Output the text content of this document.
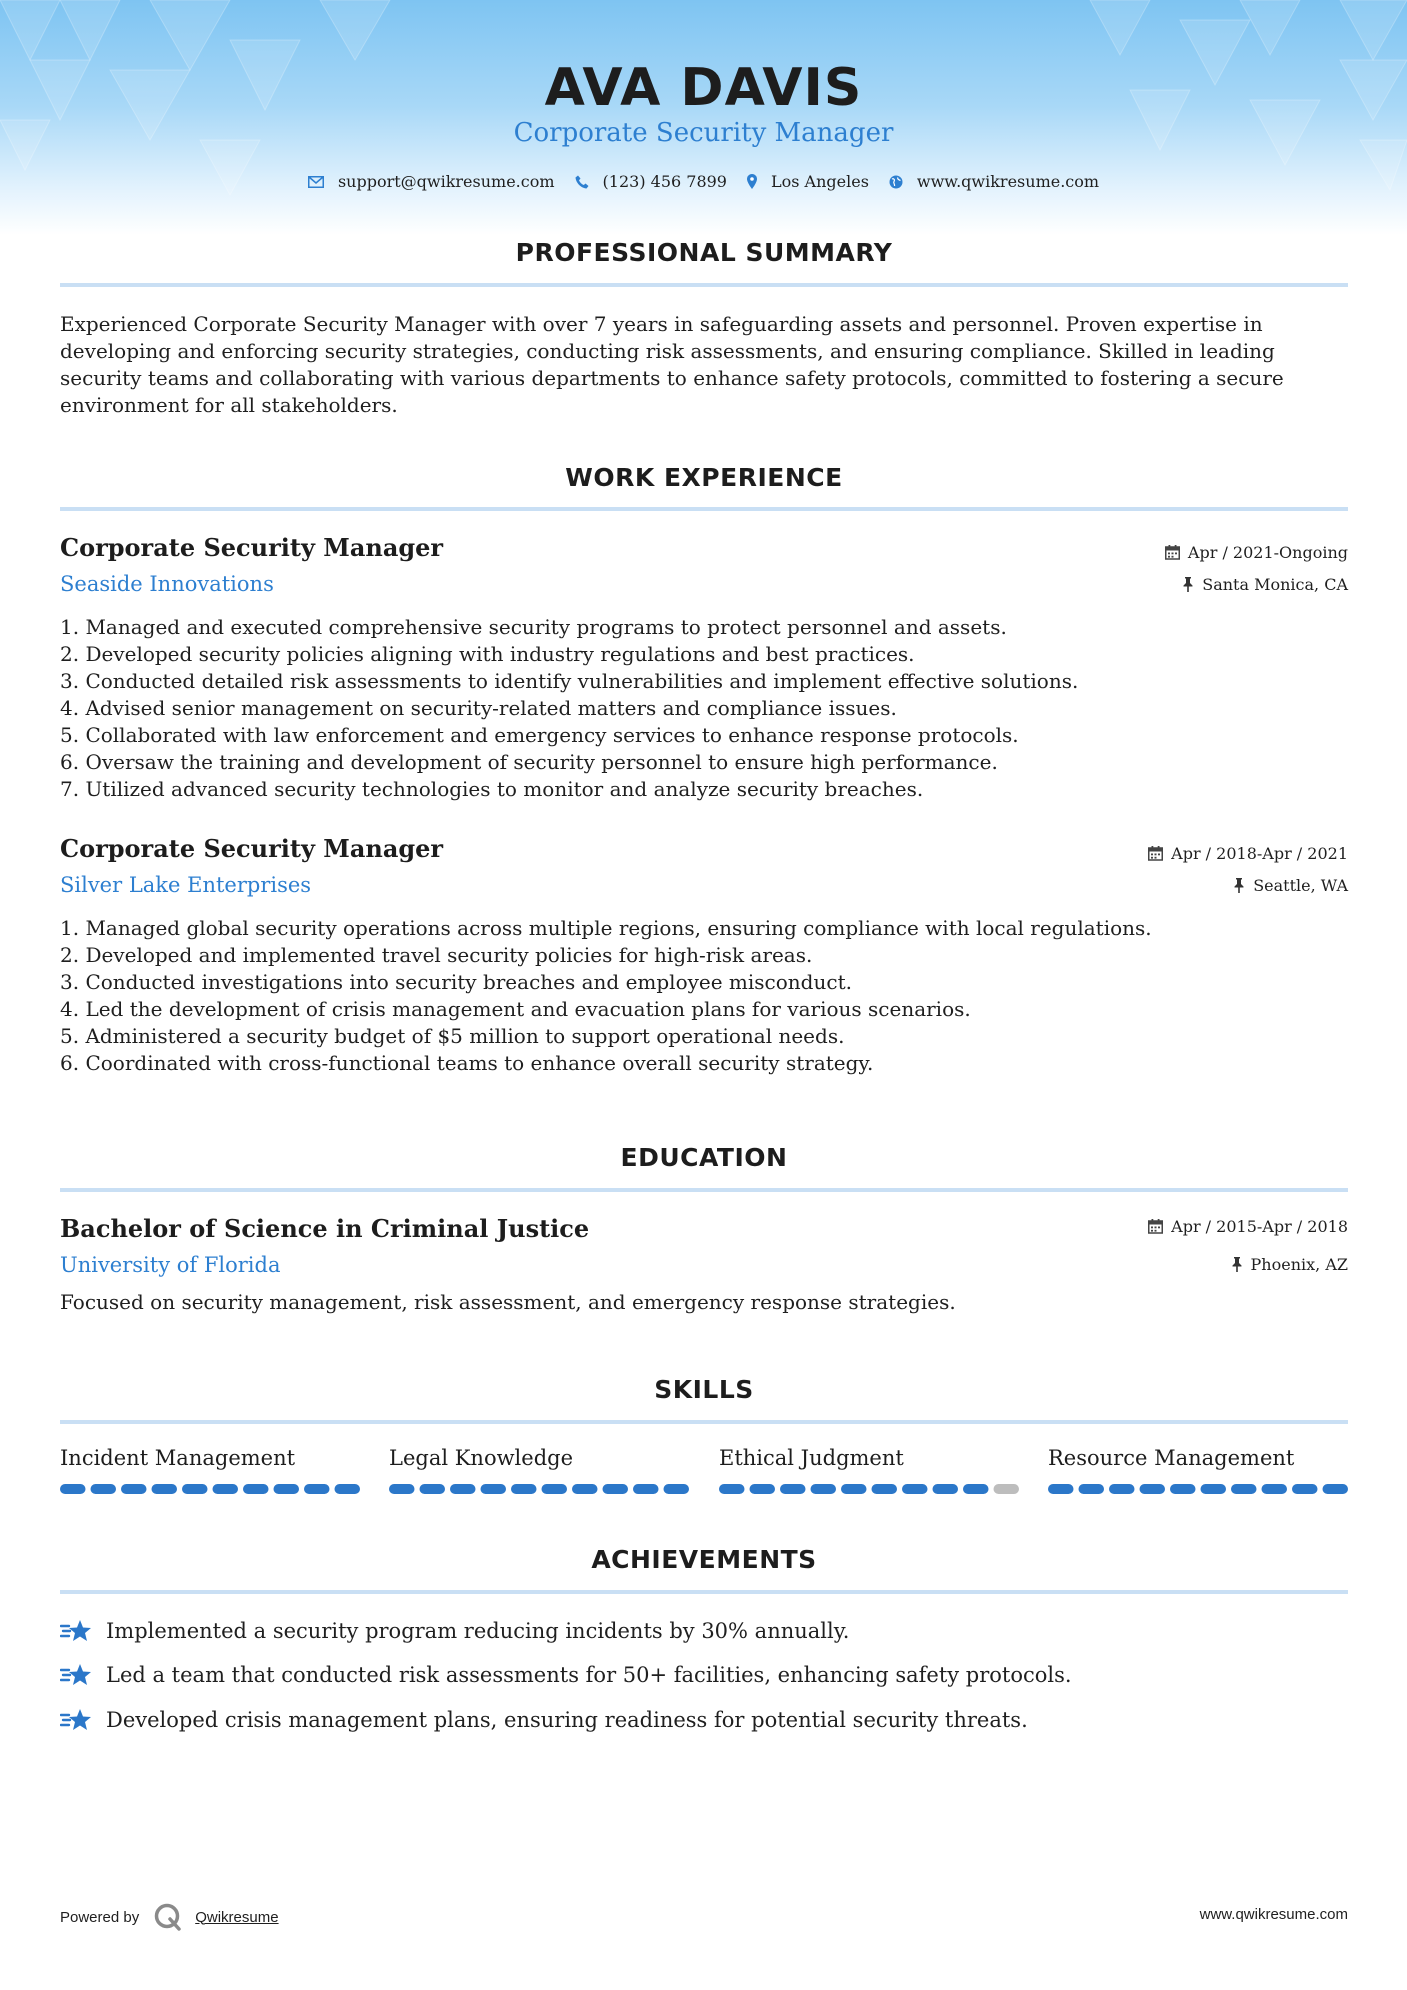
AVA DAVIS
Corporate Security Manager
support@qwikresume.com	(123) 456 7899	Los Angeles	www.qwikresume.com
PROFESSIONAL SUMMARY

Experienced Corporate Security Manager with over 7 years in safeguarding assets and personnel. Proven expertise in developing and enforcing security strategies, conducting risk assessments, and ensuring compliance. Skilled in leading security teams and collaborating with various departments to enhance safety protocols, committed to fostering a secure environment for all stakeholders.

WORK EXPERIENCE
Corporate Security Manager
Seaside Innovations
Apr / 2021-Ongoing
Santa Monica, CA
1. Managed and executed comprehensive security programs to protect personnel and assets.
2. Developed security policies aligning with industry regulations and best practices.
3. Conducted detailed risk assessments to identify vulnerabilities and implement effective solutions.
4. Advised senior management on security-related matters and compliance issues.
5. Collaborated with law enforcement and emergency services to enhance response protocols.
6. Oversaw the training and development of security personnel to ensure high performance.
7. Utilized advanced security technologies to monitor and analyze security breaches.
Corporate Security Manager
Silver Lake Enterprises
Apr / 2018-Apr / 2021
Seattle, WA
1. Managed global security operations across multiple regions, ensuring compliance with local regulations.
2. Developed and implemented travel security policies for high-risk areas.
3. Conducted investigations into security breaches and employee misconduct.
4. Led the development of crisis management and evacuation plans for various scenarios.
5. Administered a security budget of $5 million to support operational needs.
6. Coordinated with cross-functional teams to enhance overall security strategy.
EDUCATION
Bachelor of Science in Criminal Justice
University of Florida
Apr / 2015-Apr / 2018
Phoenix, AZ

Focused on security management, risk assessment, and emergency response strategies.

SKILLS
Incident Management	Legal Knowledge	Ethical Judgment	Resource Management
ACHIEVEMENTS
Implemented a security program reducing incidents by 30% annually.
Led a team that conducted risk assessments for 50+ facilities, enhancing safety protocols.
Developed crisis management plans, ensuring readiness for potential security threats.
Powered by	Qwikresume	www.qwikresume.com
